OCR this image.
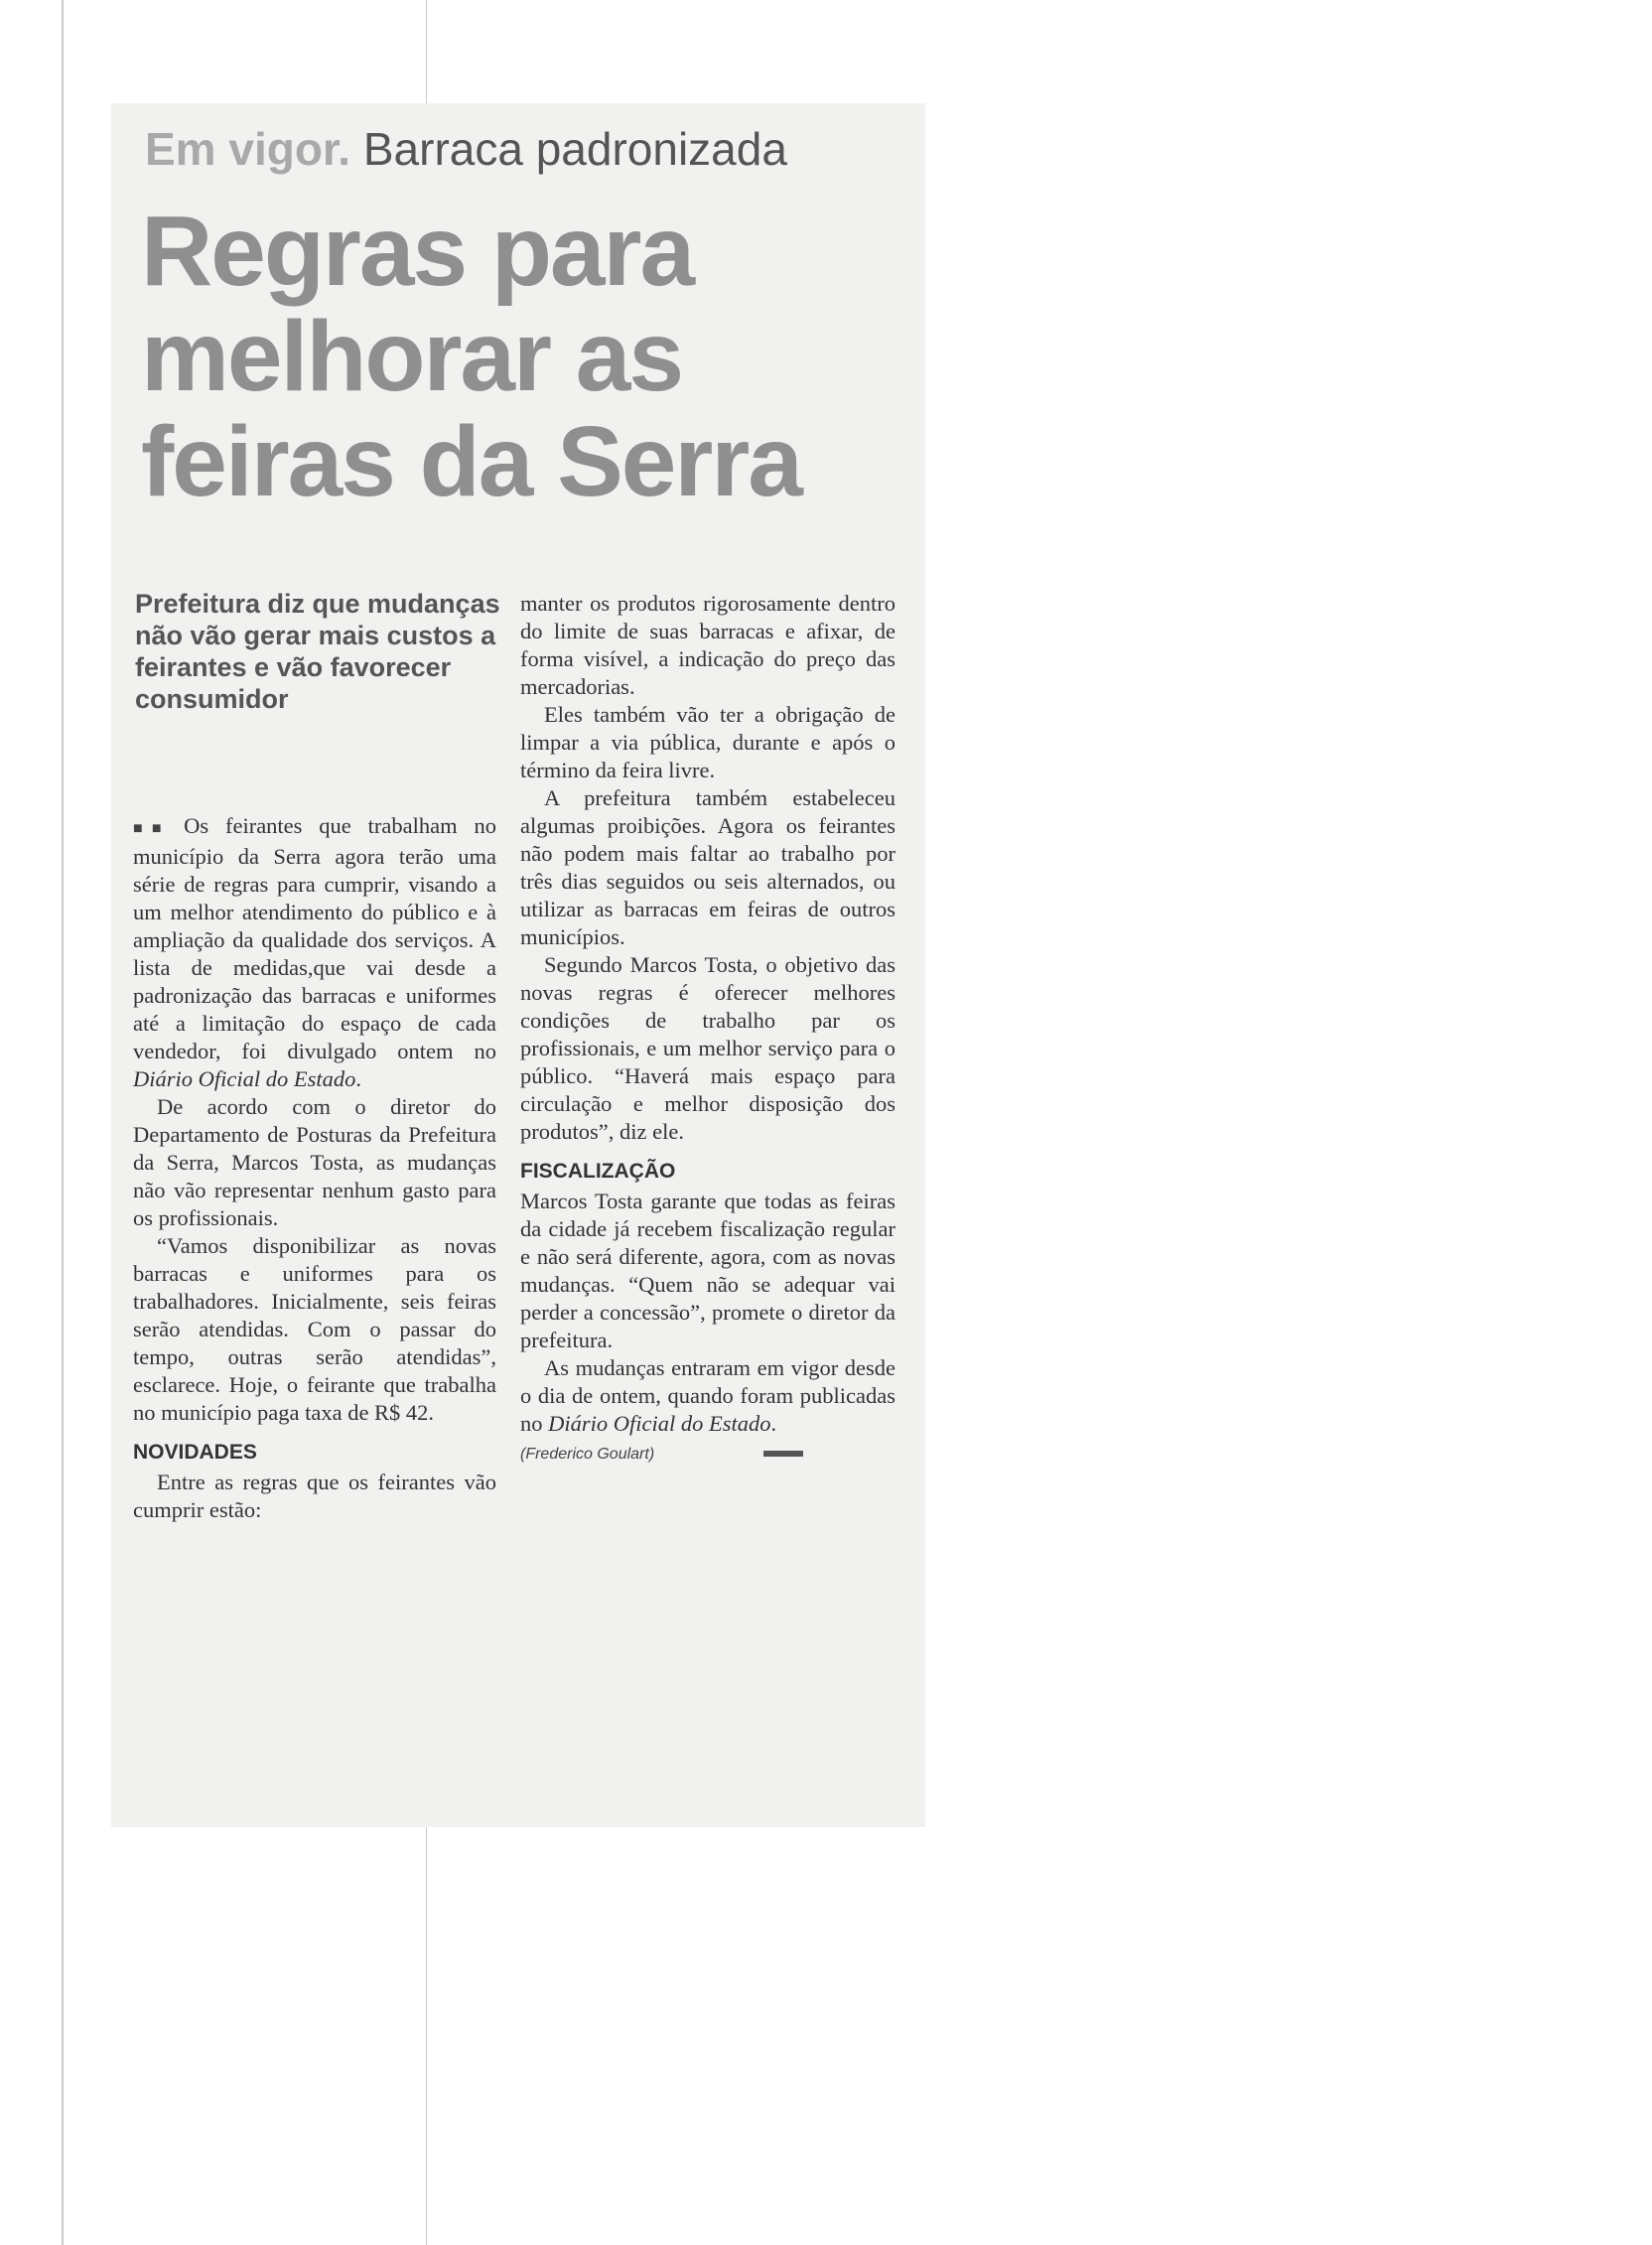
Em vigor. Barraca padronizada
Regras para
melhorar as
feiras da Serra
Prefeitura diz que mudanças não vão gerar mais custos a feirantes e vão favorecer consumidor

■■ Os feirantes que trabalham no município da Serra agora terão uma série de regras para cumprir, visando a um melhor atendimento do público e à ampliação da qualidade dos serviços. A lista de medidas,que vai desde a padronização das barracas e uniformes até a limitação do espaço de cada vendedor, foi divulgado ontem no Diário Oficial do Estado.

De acordo com o diretor do Departamento de Posturas da Prefeitura da Serra, Marcos Tosta, as mudanças não vão representar nenhum gasto para os profissionais.

“Vamos disponibilizar as novas barracas e uniformes para os trabalhadores. Inicialmente, seis feiras serão atendidas. Com o passar do tempo, outras serão atendidas”, esclarece. Hoje, o feirante que trabalha no município paga taxa de R$ 42.

NOVIDADES

Entre as regras que os feirantes vão cumprir estão:

manter os produtos rigorosamente dentro do limite de suas barracas e afixar, de forma visível, a indicação do preço das mercadorias.

Eles também vão ter a obrigação de limpar a via pública, durante e após o término da feira livre.

A prefeitura também estabeleceu algumas proibições. Agora os feirantes não podem mais faltar ao trabalho por três dias seguidos ou seis alternados, ou utilizar as barracas em feiras de outros municípios.

Segundo Marcos Tosta, o objetivo das novas regras é oferecer melhores condições de trabalho par os profissionais, e um melhor serviço para o público. “Haverá mais espaço para circulação e melhor disposição dos produtos”, diz ele.

FISCALIZAÇÃO

Marcos Tosta garante que todas as feiras da cidade já recebem fiscalização regular e não será diferente, agora, com as novas mudanças. “Quem não se adequar vai perder a concessão”, promete o diretor da prefeitura.

As mudanças entraram em vigor desde o dia de ontem, quando foram publicadas no Diário Oficial do Estado.

(Frederico Goulart)
